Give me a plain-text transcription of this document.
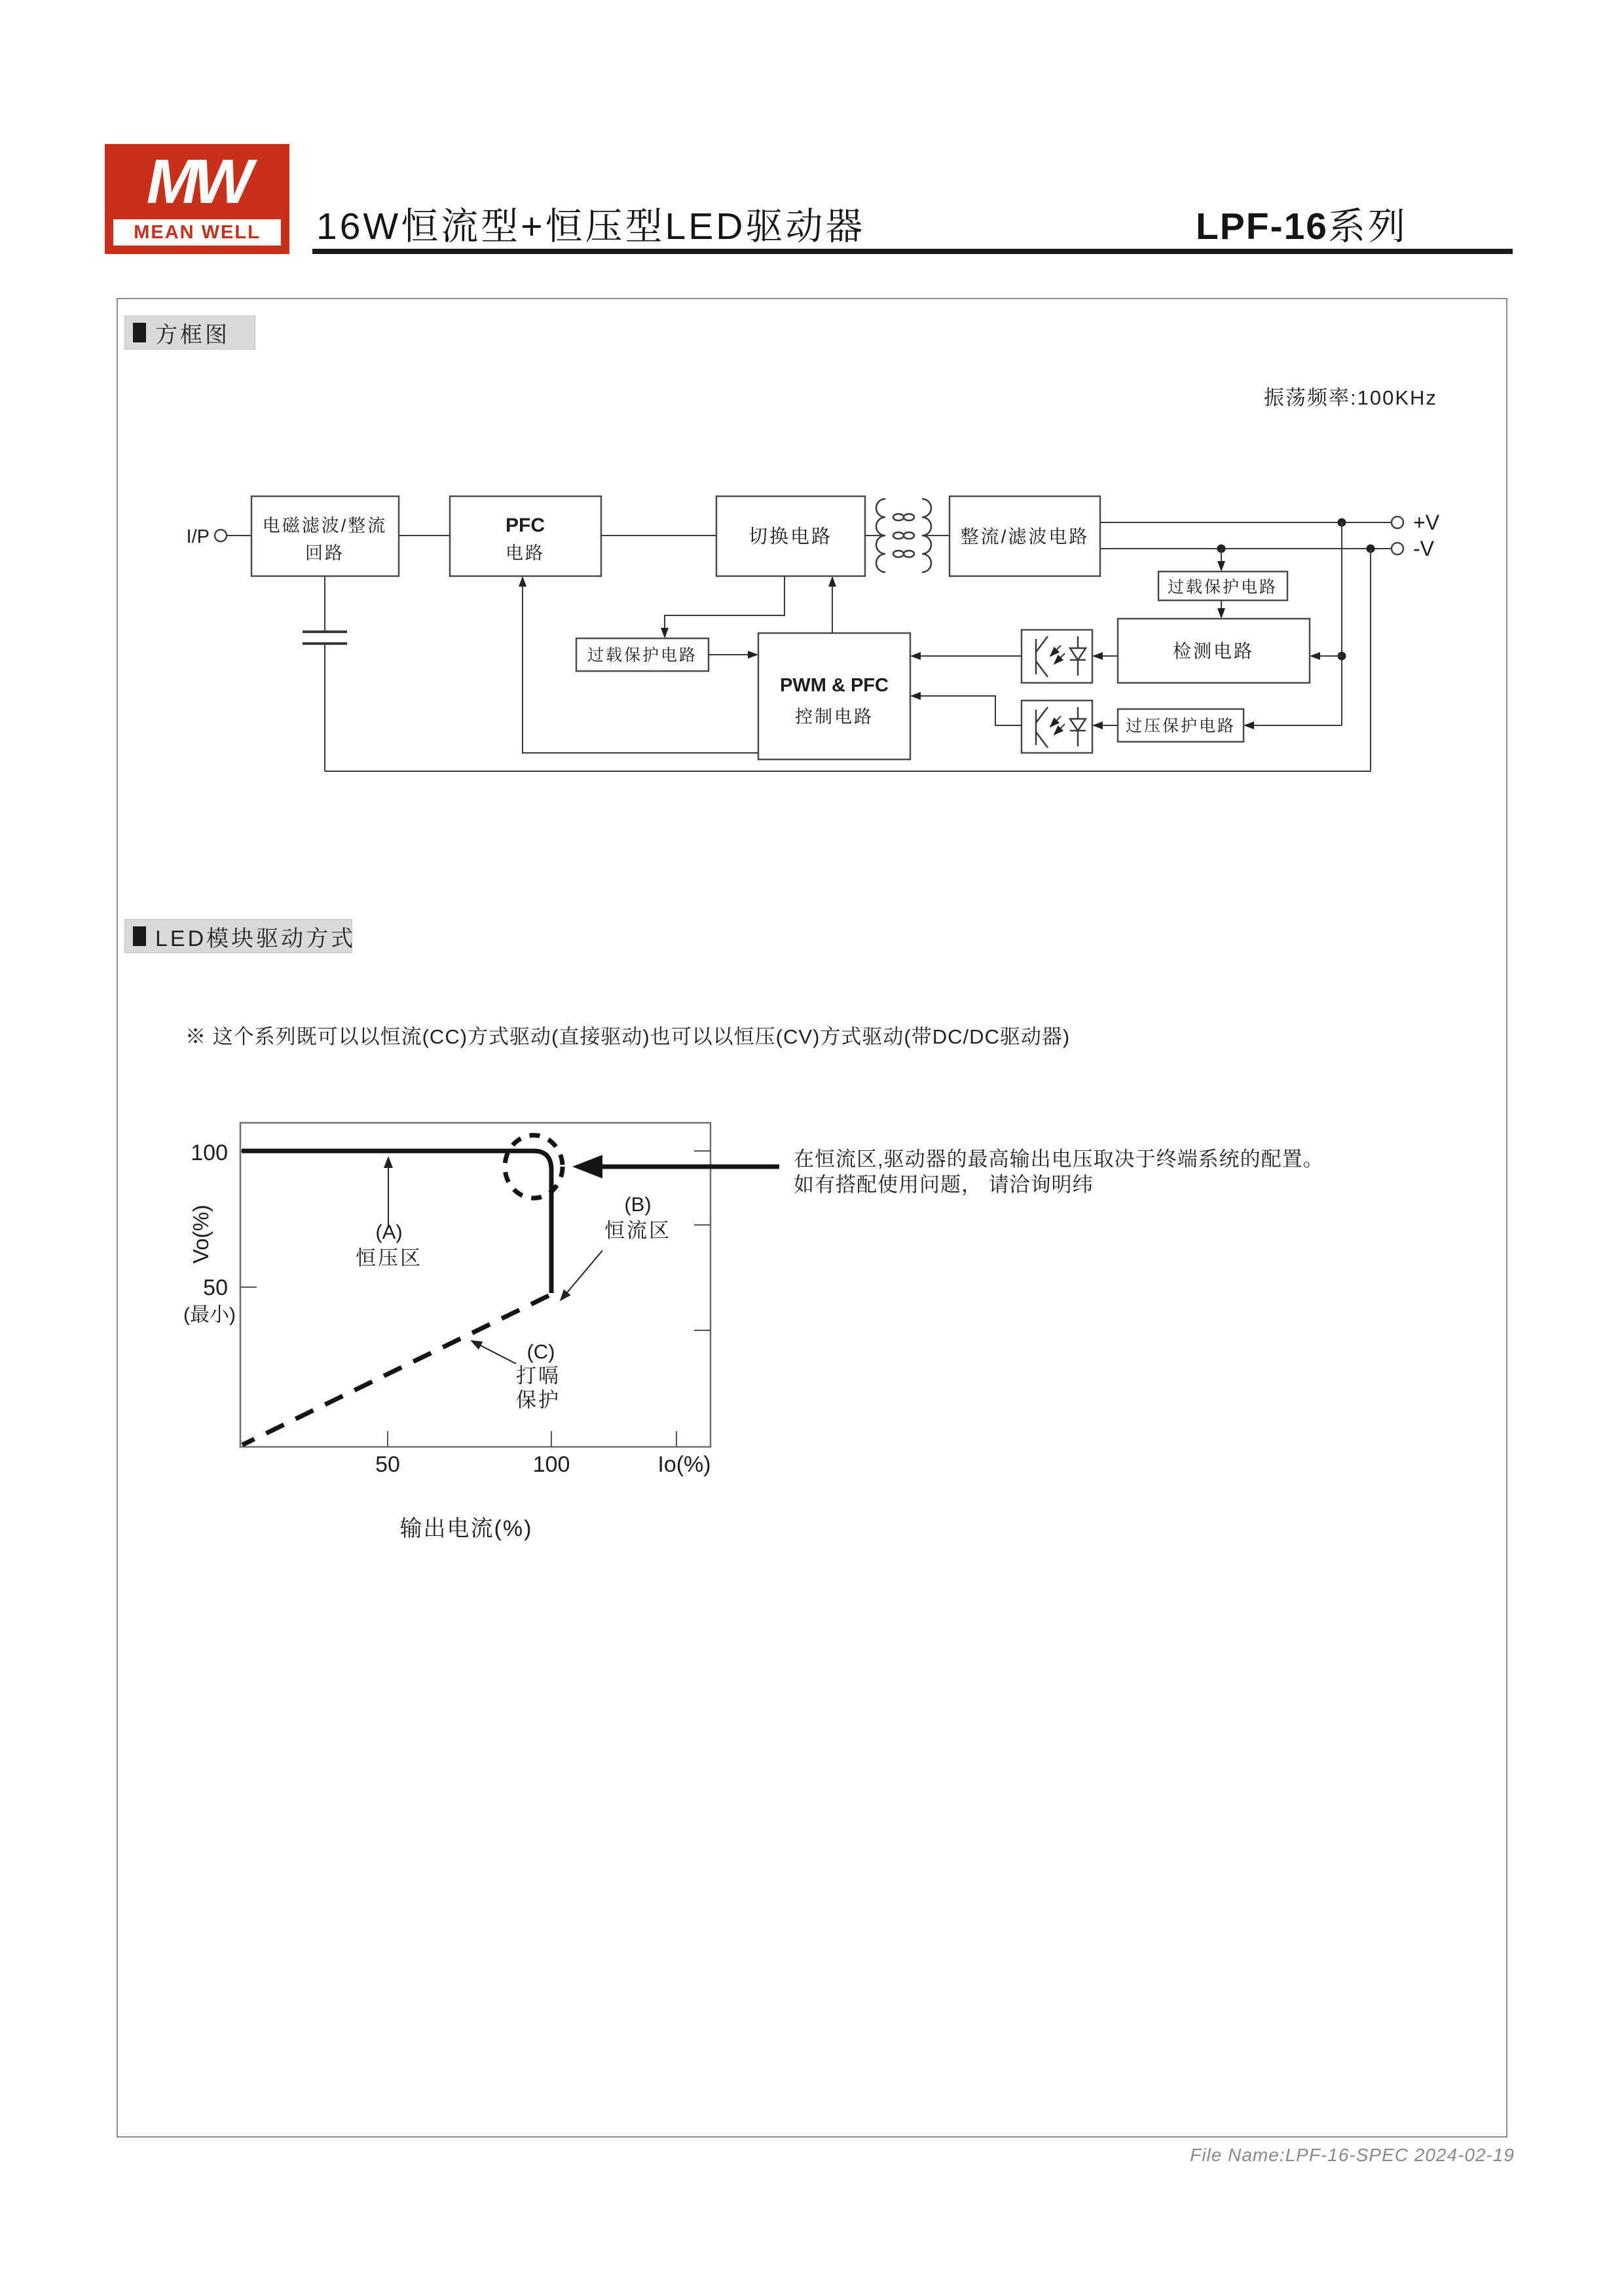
MW
MEAN WELL 16W恒流型+恒压型LED驱动器	LPF-16系列
方框图
振荡频率:100KHz
I/P
电磁滤波/整流
回路
PFC
电路
切换电路	整流/滤波电路
+V
-V
过载保护电路
检测电路
过压保护电路
PWM & PFC
控制电路
过载保护电路
LED模块驱动方式
※ 这个系列既可以以恒流(CC)方式驱动(直接驱动)也可以以恒压(CV)方式驱动(带DC/DC驱动器)
100
50
(最小)
Vo(%)
50	100	Io(%)
输出电流(%)
(A)
恒压区
(B)
恒流区
(C)
打嗝
保护
在恒流区,驱动器的最高输出电压取决于终端系统的配置。
如有搭配使用问题， 请洽询明纬
File Name:LPF-16-SPEC 2024-02-19
